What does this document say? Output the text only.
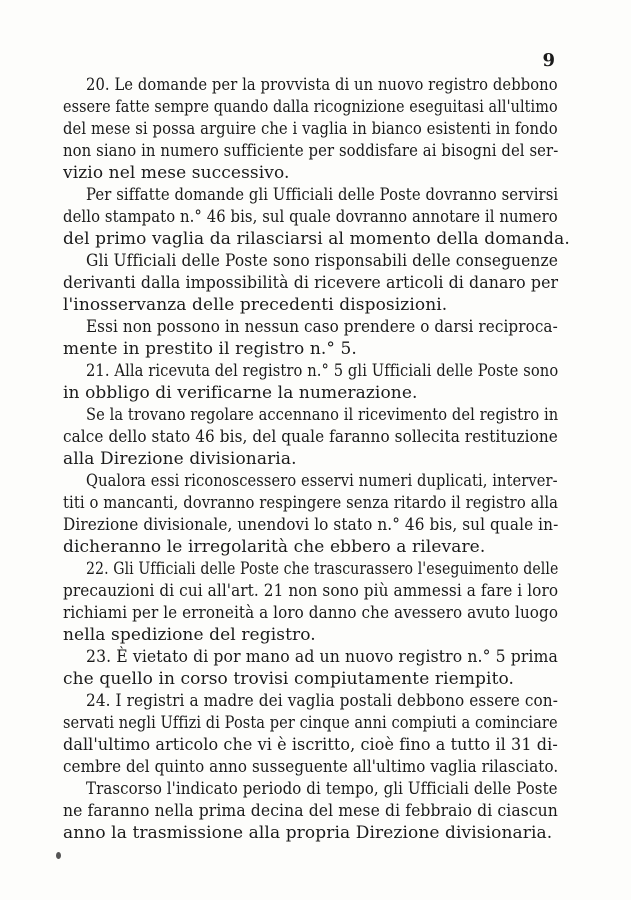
9
20. Le domande per la provvista di un nuovo registro debbono
essere fatte sempre quando dalla ricognizione eseguitasi all'ultimo
del mese si possa arguire che i vaglia in bianco esistenti in fondo
non siano in numero sufficiente per soddisfare ai bisogni del ser-
vizio nel mese successivo.
Per siffatte domande gli Ufficiali delle Poste dovranno servirsi
dello stampato n.° 46 bis, sul quale dovranno annotare il numero
del primo vaglia da rilasciarsi al momento della domanda.
Gli Ufficiali delle Poste sono risponsabili delle conseguenze
derivanti dalla impossibilità di ricevere articoli di danaro per
l'inosservanza delle precedenti disposizioni.
Essi non possono in nessun caso prendere o darsi reciproca-
mente in prestito il registro n.° 5.
21. Alla ricevuta del registro n.° 5 gli Ufficiali delle Poste sono
in obbligo di verificarne la numerazione.
Se la trovano regolare accennano il ricevimento del registro in
calce dello stato 46 bis, del quale faranno sollecita restituzione
alla Direzione divisionaria.
Qualora essi riconoscessero esservi numeri duplicati, interver-
titi o mancanti, dovranno respingere senza ritardo il registro alla
Direzione divisionale, unendovi lo stato n.° 46 bis, sul quale in-
dicheranno le irregolarità che ebbero a rilevare.
22. Gli Ufficiali delle Poste che trascurassero l'eseguimento delle
precauzioni di cui all'art. 21 non sono più ammessi a fare i loro
richiami per le erroneità a loro danno che avessero avuto luogo
nella spedizione del registro.
23. È vietato di por mano ad un nuovo registro n.° 5 prima
che quello in corso trovisi compiutamente riempito.
24. I registri a madre dei vaglia postali debbono essere con-
servati negli Uffizi di Posta per cinque anni compiuti a cominciare
dall'ultimo articolo che vi è iscritto, cioè fino a tutto il 31 di-
cembre del quinto anno susseguente all'ultimo vaglia rilasciato.
Trascorso l'indicato periodo di tempo, gli Ufficiali delle Poste
ne faranno nella prima decina del mese di febbraio di ciascun
anno la trasmissione alla propria Direzione divisionaria.
